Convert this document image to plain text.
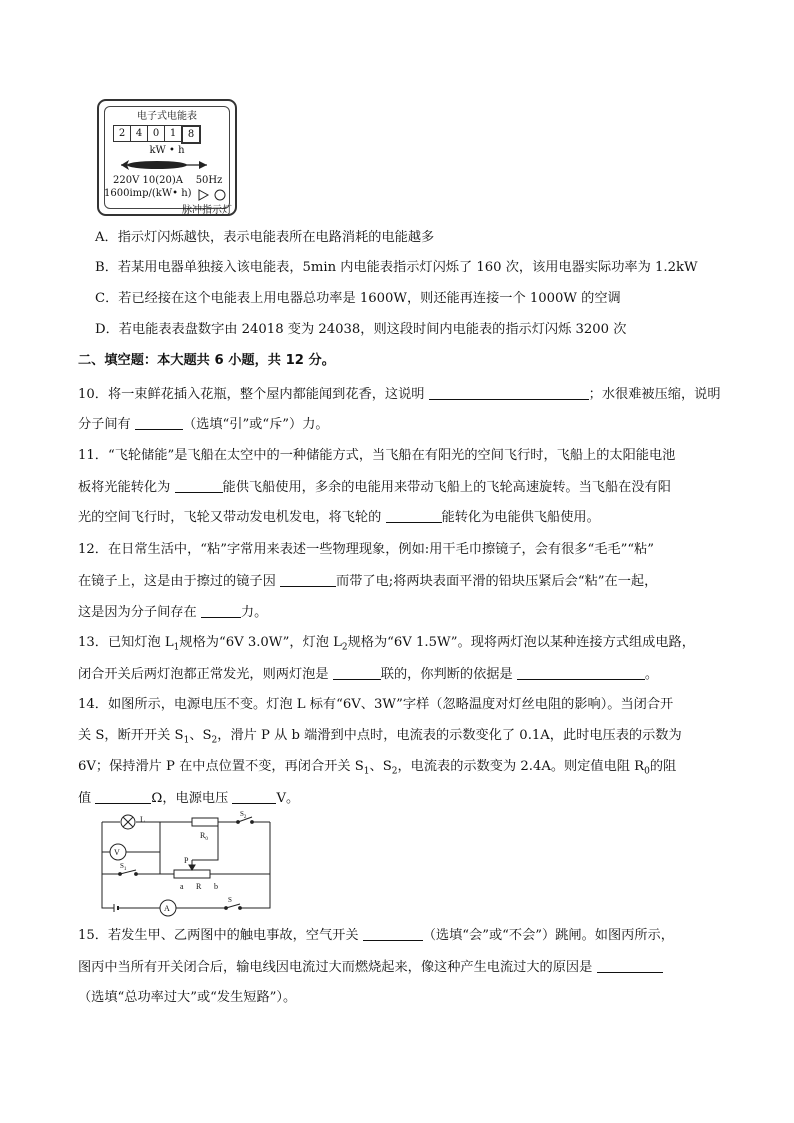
电子式电能表
2	4	0	1	8
kW • h
220V 10(20)A 50Hz
1600imp/(kW• h)
脉冲指示灯
A．指示灯闪烁越快，表示电能表所在电路消耗的电能越多
B．若某用电器单独接入该电能表，5min 内电能表指示灯闪烁了 160 次，该用电器实际功率为 1.2kW
C．若已经接在这个电能表上用电器总功率是 1600W，则还能再连接一个 1000W 的空调
D．若电能表表盘数字由 24018 变为 24038，则这段时间内电能表的指示灯闪烁 3200 次
二、填空题：本大题共 6 小题，共 12 分。
10．将一束鲜花插入花瓶，整个屋内都能闻到花香，这说明	；水很难被压缩，说明
分子间有	（选填“引”或“斥”）力。
11．“飞轮储能”是飞船在太空中的一种储能方式，当飞船在有阳光的空间飞行时，飞船上的太阳能电池
板将光能转化为	能供飞船使用，多余的电能用来带动飞船上的飞轮高速旋转。当飞船在没有阳
光的空间飞行时，飞轮又带动发电机发电，将飞轮的	能转化为电能供飞船使用。
12．在日常生活中，“粘”字常用来表述一些物理现象，例如:用干毛巾擦镜子，会有很多“毛毛”“粘”
在镜子上，这是由于擦过的镜子因	而带了电;将两块表面平滑的铅块压紧后会“粘”在一起，
这是因为分子间存在	力。
13．已知灯泡 $L_1$规格为“6V 3.0W”，灯泡 $L_2$规格为“6V 1.5W”。现将两灯泡以某种连接方式组成电路，
闭合开关后两灯泡都正常发光，则两灯泡是	联的，你判断的依据是	。
14．如图所示，电源电压不变。灯泡 L 标有“6V、3W”字样（忽略温度对灯丝电阻的影响）。当闭合开
关 S，断开开关 $S_1$、$S_2$，滑片 P 从 b 端滑到中点时，电流表的示数变化了 0.1A，此时电压表的示数为
6V；保持滑片 P 在中点位置不变，再闭合开关 $S_1$、$S_2$，电流表的示数变为 2.4A。则定值电阻 $R_0$的阻
值	Ω，电源电压	V。
L
V
A
$R_0$
$S_2$
$S_1$
P
a R b
S
15．若发生甲、乙两图中的触电事故，空气开关	（选填“会”或“不会”）跳闸。如图丙所示，
图丙中当所有开关闭合后，输电线因电流过大而燃烧起来，像这种产生电流过大的原因是
（选填“总功率过大”或“发生短路”）。
